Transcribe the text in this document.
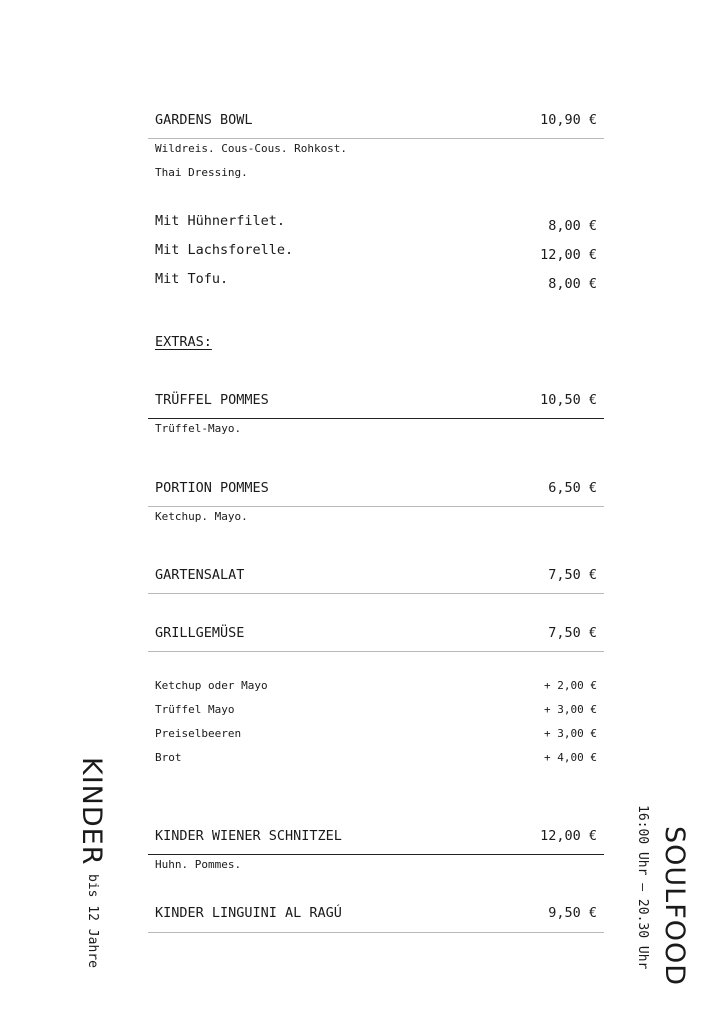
GARDENS BOWL	10,90 €
Wildreis. Cous-Cous. Rohkost.
Thai Dressing.
Mit Hühnerfilet.	8,00 €
Mit Lachsforelle.	12,00 €
Mit Tofu.	8,00 €
EXTRAS:
TRÜFFEL POMMES	10,50 €
Trüffel-Mayo.
PORTION POMMES	6,50 €
Ketchup. Mayo.
GARTENSALAT	7,50 €
GRILLGEMÜSE	7,50 €
Ketchup oder Mayo	+ 2,00 €
Trüffel Mayo	+ 3,00 €
Preiselbeeren	+ 3,00 €
Brot	+ 4,00 €
KINDER WIENER SCHNITZEL	12,00 €
Huhn. Pommes.
KINDER LINGUINI AL RAGÚ	9,50 €
KINDER
bis 12 Jahre	SOULFOOD
16:00 Uhr – 20.30 Uhr
